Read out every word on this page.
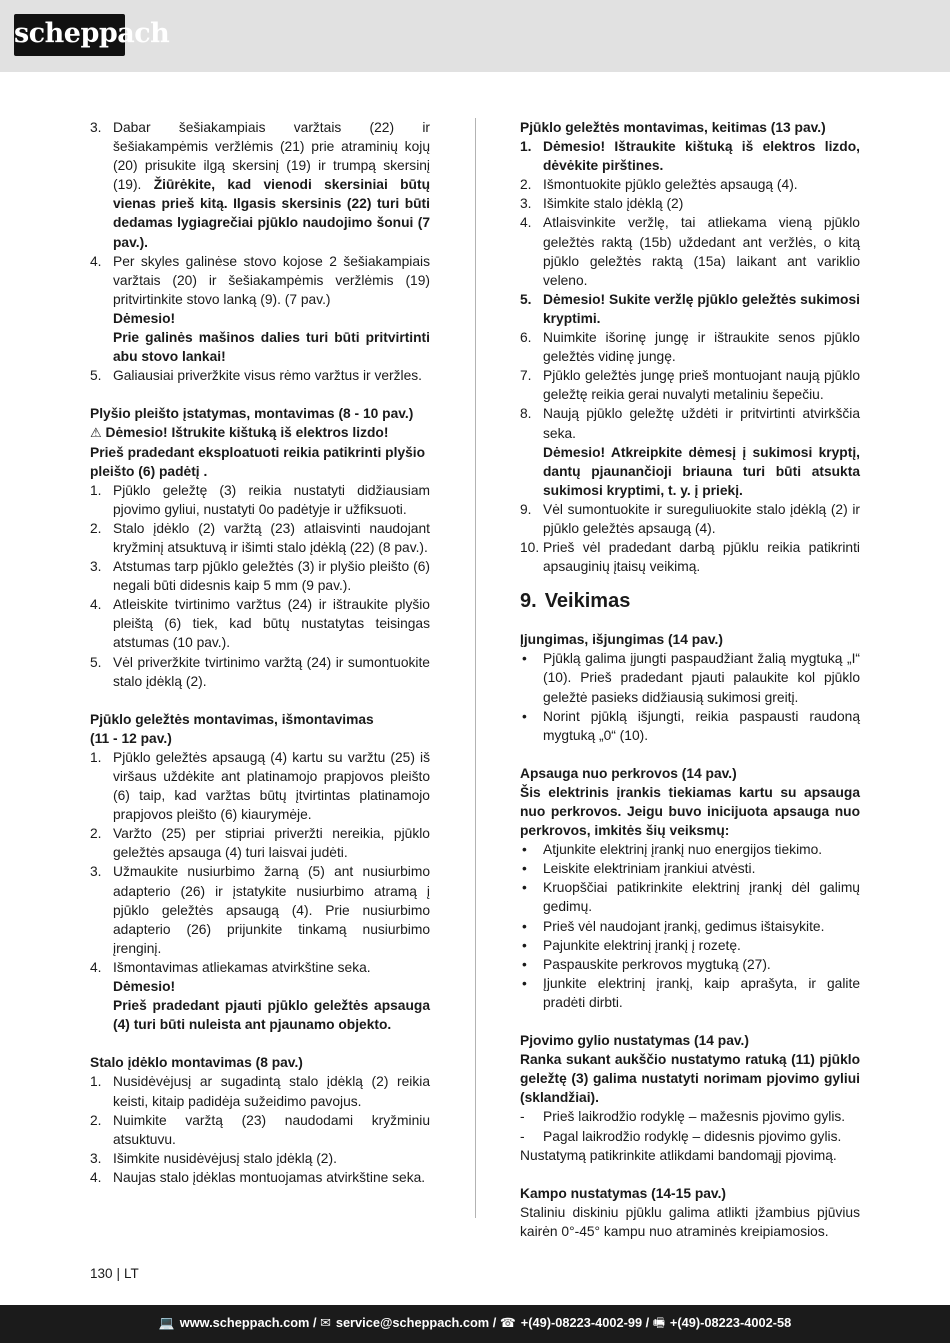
scheppach
3. Dabar šešiakampiais varžtais (22) ir šešiakampėmis veržlėmis (21) prie atraminių kojų (20) prisukite ilgą skersinį (19) ir trumpą skersinį (19). Žiūrėkite, kad vienodi skersiniai būtų vienas prieš kitą. Ilgasis skersinis (22) turi būti dedamas lygiagrečiai pjūklo naudojimo šonui (7 pav.).
4. Per skyles galinėse stovo kojose 2 šešiakampiais varžtais (20) ir šešiakampėmis veržlėmis (19) pritvirtinkite stovo lanką (9). (7 pav.)
Dėmesio!
Prie galinės mašinos dalies turi būti pritvirtinti abu stovo lankai!
5. Galiausiai priveržkite visus rėmo varžtus ir veržles.
Plyšio pleišto įstatymas, montavimas (8 - 10 pav.)
⚠ Dėmesio! Ištrukite kištuką iš elektros lizdo!
Prieš pradedant eksploatuoti reikia patikrinti plyšio pleišto (6) padėtį .
1. Pjūklo geležtę (3) reikia nustatyti didžiausiam pjovimo gyliui, nustatyti 0o padėtyje ir užfiksuoti.
2. Stalo įdėklo (2) varžtą (23) atlaisvinti naudojant kryžminį atsuktuvą ir išimti stalo įdėklą (22) (8 pav.).
3. Atstumas tarp pjūklo geležtės (3) ir plyšio pleišto (6) negali būti didesnis kaip 5 mm (9 pav.).
4. Atleiskite tvirtinimo varžtus (24) ir ištraukite plyšio pleištą (6) tiek, kad būtų nustatytas teisingas atstumas (10 pav.).
5. Vėl priveržkite tvirtinimo varžtą (24) ir sumontuokite stalo įdėklą (2).
Pjūklo geležtės montavimas, išmontavimas
(11 - 12 pav.)
1. Pjūklo geležtės apsaugą (4) kartu su varžtu (25) iš viršaus uždėkite ant platinamojo prapjovos pleišto (6) taip, kad varžtas būtų įtvirtintas platinamojo prapjovos pleišto (6) kiaurymėje.
2. Varžto (25) per stipriai priveržti nereikia, pjūklo geležtės apsauga (4) turi laisvai judėti.
3. Užmaukite nusiurbimo žarną (5) ant nusiurbimo adapterio (26) ir įstatykite nusiurbimo atramą į pjūklo geležtės apsaugą (4). Prie nusiurbimo adapterio (26) prijunkite tinkamą nusiurbimo įrenginį.
4. Išmontavimas atliekamas atvirkštine seka.
Dėmesio!
Prieš pradedant pjauti pjūklo geležtės apsauga (4) turi būti nuleista ant pjaunamo objekto.
Stalo įdėklo montavimas (8 pav.)
1. Nusidėvėjusį ar sugadintą stalo įdėklą (2) reikia keisti, kitaip padidėja sužeidimo pavojus.
2. Nuimkite varžtą (23) naudodami kryžminiu atsuktuvu.
3. Išimkite nusidėvėjusį stalo įdėklą (2).
4. Naujas stalo įdėklas montuojamas atvirkštine seka.
Pjūklo geležtės montavimas, keitimas (13 pav.)
1. Dėmesio! Ištraukite kištuką iš elektros lizdo, dėvėkite pirštines.
2. Išmontuokite pjūklo geležtės apsaugą (4).
3. Išimkite stalo įdėklą (2)
4. Atlaisvinkite veržlę, tai atliekama vieną pjūklo geležtės raktą (15b) uždedant ant veržlės, o kitą pjūklo geležtės raktą (15a) laikant ant variklio veleno.
5. Dėmesio! Sukite veržlę pjūklo geležtės sukimosi kryptimi.
6. Nuimkite išorinę jungę ir ištraukite senos pjūklo geležtės vidinę jungę.
7. Pjūklo geležtės jungę prieš montuojant naują pjūklo geležtę reikia gerai nuvalyti metaliniu šepečiu.
8. Naują pjūklo geležtę uždėti ir pritvirtinti atvirkščia seka.
Dėmesio! Atkreipkite dėmesį į sukimosi kryptį, dantų pjaunančioji briauna turi būti atsukta sukimosi kryptimi, t. y. į priekį.
9. Vėl sumontuokite ir sureguliuokite stalo įdėklą (2) ir pjūklo geležtės apsaugą (4).
10. Prieš vėl pradedant darbą pjūklu reikia patikrinti apsauginių įtaisų veikimą.
9. Veikimas
Įjungimas, išjungimas (14 pav.)
• Pjūklą galima įjungti paspaudžiant žalią mygtuką „I“ (10). Prieš pradedant pjauti palaukite kol pjūklo geležtė pasieks didžiausią sukimosi greitį.
• Norint pjūklą išjungti, reikia paspausti raudoną mygtuką „0“ (10).
Apsauga nuo perkrovos (14 pav.)
Šis elektrinis įrankis tiekiamas kartu su apsauga nuo perkrovos. Jeigu buvo inicijuota apsauga nuo perkrovos, imkitės šių veiksmų:
• Atjunkite elektrinį įrankį nuo energijos tiekimo.
• Leiskite elektriniam įrankiui atvėsti.
• Kruopščiai patikrinkite elektrinį įrankį dėl galimų gedimų.
• Prieš vėl naudojant įrankį, gedimus ištaisykite.
• Pajunkite elektrinį įrankį į rozetę.
• Paspauskite perkrovos mygtuką (27).
• Įjunkite elektrinį įrankį, kaip aprašyta, ir galite pradėti dirbti.
Pjovimo gylio nustatymas (14 pav.)
Ranka sukant aukščio nustatymo ratuką (11) pjūklo geležtę (3) galima nustatyti norimam pjovimo gyliui (sklandžiai).
- Prieš laikrodžio rodyklę – mažesnis pjovimo gylis.
- Pagal laikrodžio rodyklę – didesnis pjovimo gylis.
Nustatymą patikrinkite atlikdami bandomąjį pjovimą.
Kampo nustatymas (14-15 pav.)
Staliniu diskiniu pjūklu galima atlikti įžambius pjūvius kairėn 0°-45° kampu nuo atraminės kreipiamosios.
130 | LT
💻 www.scheppach.com / ✉ service@scheppach.com / ☎ +(49)-08223-4002-99 / 🖷 +(49)-08223-4002-58
